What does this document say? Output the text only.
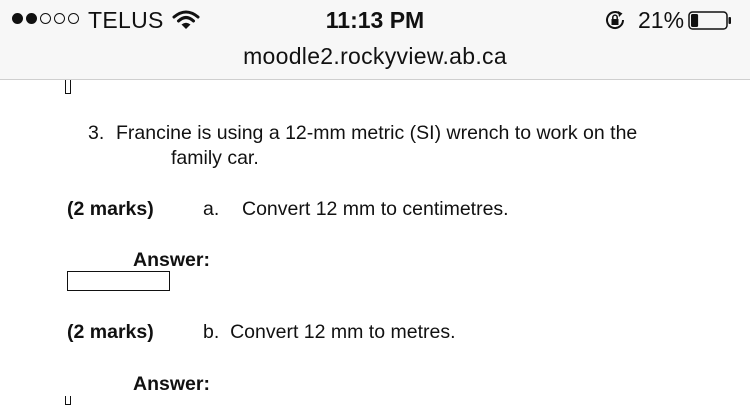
TELUS	11:13 PM	21%
moodle2.rockyview.ab.ca
3. Francine is using a 12-mm metric (SI) wrench to work on the
family car.
(2 marks)	a. Convert 12 mm to centimetres.
Answer:
(2 marks)	b.  Convert 12 mm to metres.
Answer:
